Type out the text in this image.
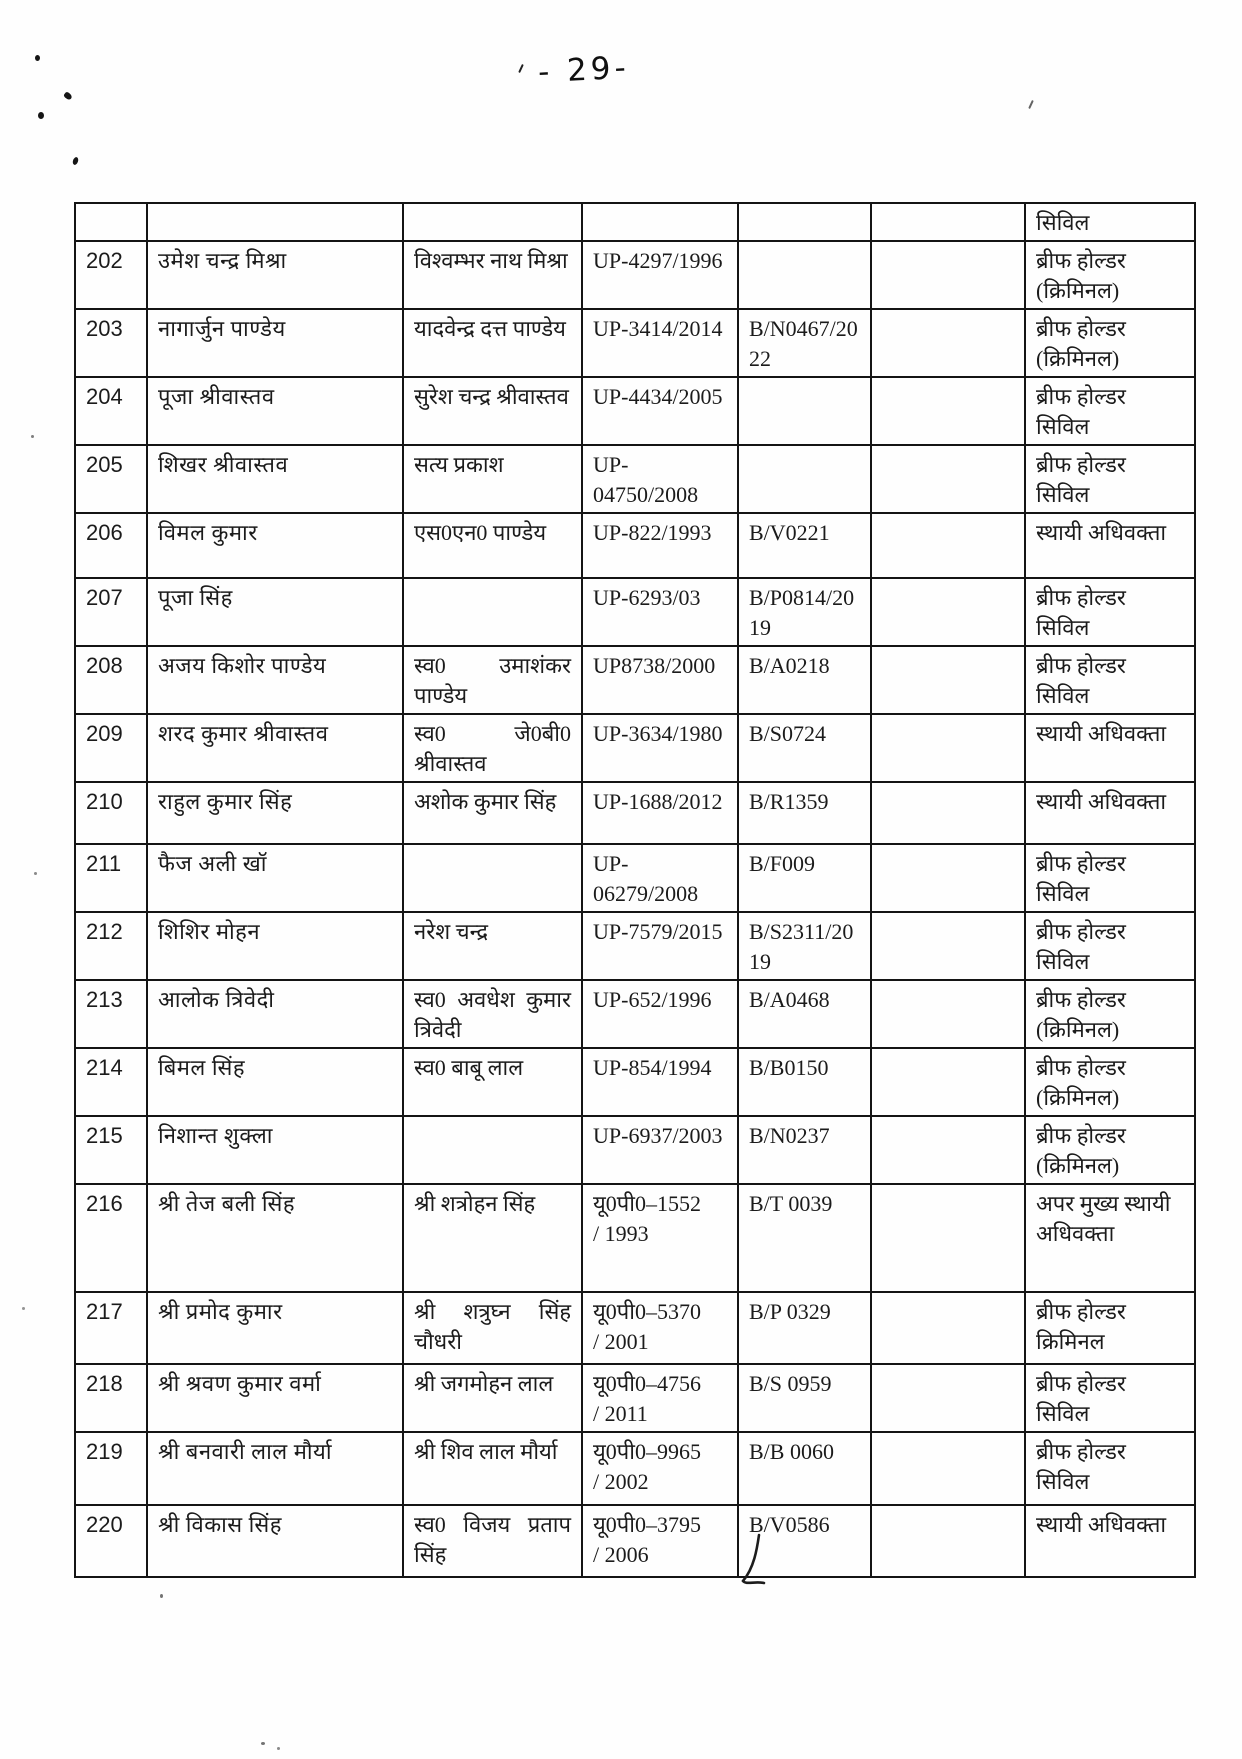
- 29-

			सिविल
202	उमेश चन्द्र मिश्रा	विश्वम्भर नाथ मिश्रा	UP-4297/1996			ब्रीफ होल्डर (क्रिमिनल)
203	नागार्जुन पाण्डेय	यादवेन्द्र दत्त पाण्डेय	UP-3414/2014	B/N0467/2022		ब्रीफ होल्डर (क्रिमिनल)
204	पूजा श्रीवास्तव	सुरेश चन्द्र श्रीवास्तव	UP-4434/2005			ब्रीफ होल्डर सिविल
205	शिखर श्रीवास्तव	सत्य प्रकाश	UP-04750/2008			ब्रीफ होल्डर सिविल
206	विमल कुमार	एस0एन0 पाण्डेय	UP-822/1993	B/V0221		स्थायी अधिवक्ता
207	पूजा सिंह		UP-6293/03	B/P0814/2019		ब्रीफ होल्डर सिविल
208	अजय किशोर पाण्डेय	स्व0 उमाशंकर पाण्डेय	UP8738/2000	B/A0218		ब्रीफ होल्डर सिविल
209	शरद कुमार श्रीवास्तव	स्व0 जे0बी0 श्रीवास्तव	UP-3634/1980	B/S0724		स्थायी अधिवक्ता
210	राहुल कुमार सिंह	अशोक कुमार सिंह	UP-1688/2012	B/R1359		स्थायी अधिवक्ता
211	फैज अली खॉ		UP-06279/2008	B/F009		ब्रीफ होल्डर सिविल
212	शिशिर मोहन	नरेश चन्द्र	UP-7579/2015	B/S2311/2019		ब्रीफ होल्डर सिविल
213	आलोक त्रिवेदी	स्व0 अवधेश कुमार त्रिवेदी	UP-652/1996	B/A0468		ब्रीफ होल्डर (क्रिमिनल)
214	बिमल सिंह	स्व0 बाबू लाल	UP-854/1994	B/B0150		ब्रीफ होल्डर (क्रिमिनल)
215	निशान्त शुक्ला		UP-6937/2003	B/N0237		ब्रीफ होल्डर (क्रिमिनल)
216	श्री तेज बली सिंह	श्री शत्रोहन सिंह	यू0पी0–1552
/ 1993	B/T 0039		अपर मुख्य स्थायी अधिवक्ता
217	श्री प्रमोद कुमार	श्री शत्रुघ्न सिंह चौधरी	यू0पी0–5370
/ 2001	B/P 0329		ब्रीफ होल्डर क्रिमिनल
218	श्री श्रवण कुमार वर्मा	श्री जगमोहन लाल	यू0पी0–4756
/ 2011	B/S 0959		ब्रीफ होल्डर सिविल
219	श्री बनवारी लाल मौर्या	श्री शिव लाल मौर्या	यू0पी0–9965
/ 2002	B/B 0060		ब्रीफ होल्डर सिविल
220	श्री विकास सिंह	स्व0 विजय प्रताप सिंह	यू0पी0–3795
/ 2006	B/V0586		स्थायी अधिवक्ता
